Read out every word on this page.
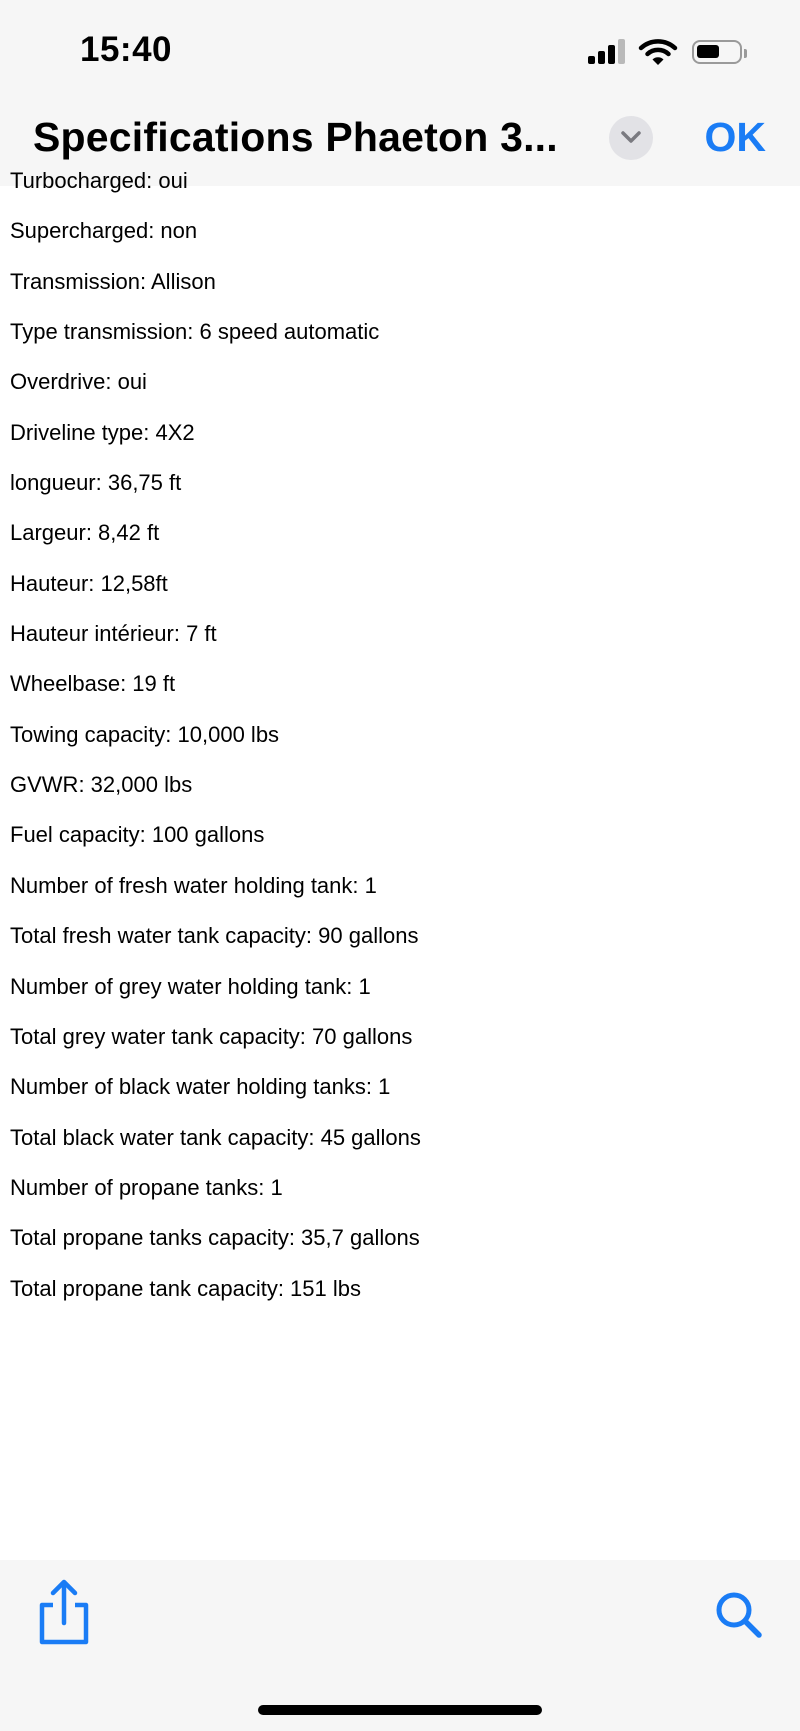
15:40
Specifications Phaeton 3...	OK
Turbocharged: oui
Supercharged: non
Transmission: Allison
Type transmission: 6 speed automatic
Overdrive: oui
Driveline type: 4X2
longueur: 36,75 ft
Largeur: 8,42 ft
Hauteur: 12,58ft
Hauteur intérieur: 7 ft
Wheelbase: 19 ft
Towing capacity: 10,000 lbs
GVWR: 32,000 lbs
Fuel capacity: 100 gallons
Number of fresh water holding tank: 1
Total fresh water tank capacity: 90 gallons
Number of grey water holding tank: 1
Total grey water tank capacity: 70 gallons
Number of black water holding tanks: 1
Total black water tank capacity: 45 gallons
Number of propane tanks: 1
Total propane tanks capacity: 35,7 gallons
Total propane tank capacity: 151 lbs
